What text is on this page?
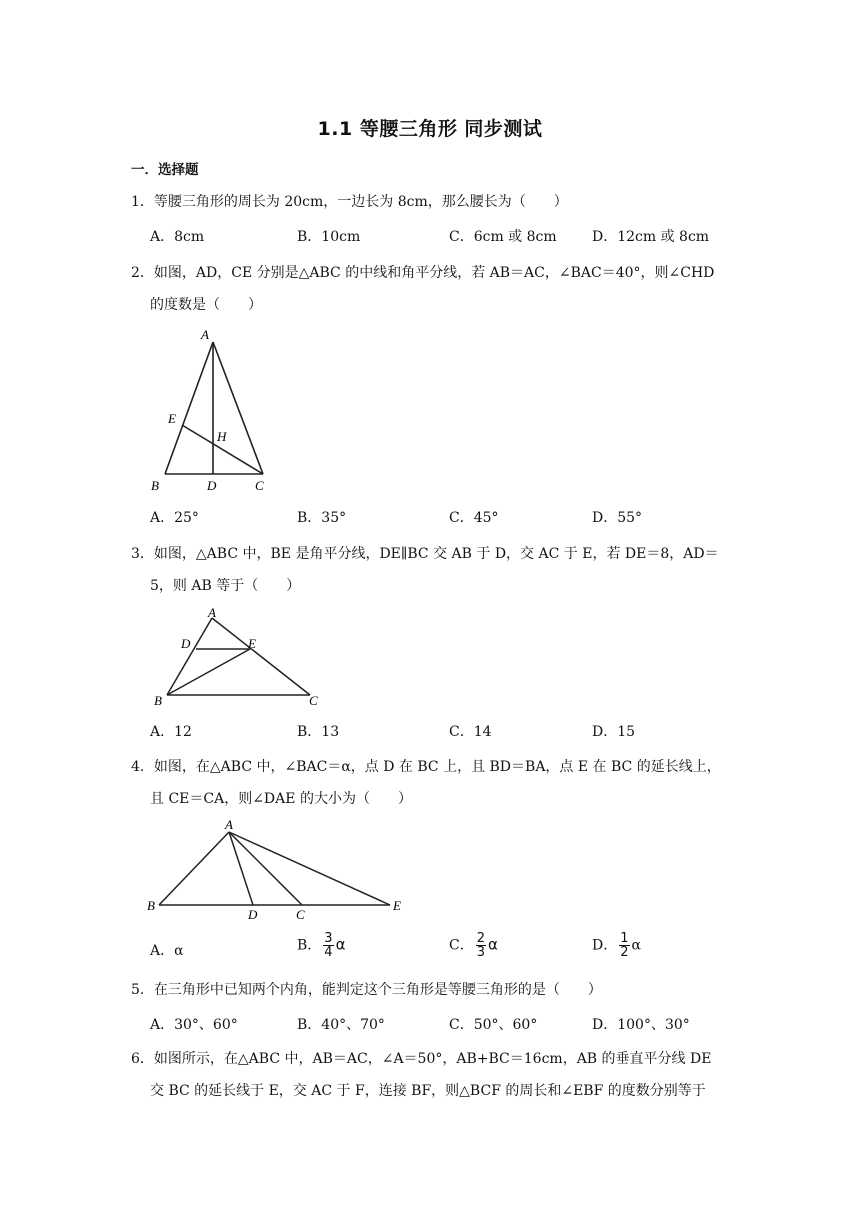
1.1 等腰三角形 同步测试
一．选择题
1．等腰三角形的周长为 20cm，一边长为 8cm，那么腰长为（　　）
A．8cm	B．10cm	C．6cm 或 8cm	D．12cm 或 8cm
2．如图，AD，CE 分别是△ABC 的中线和角平分线，若 AB＝AC，∠BAC＝40°，则∠CHD
的度数是（　　）
A
E
H
B	D	C
A．25°	B．35°	C．45°	D．55°
3．如图，△ABC 中，BE 是角平分线，DE∥BC 交 AB 于 D，交 AC 于 E，若 DE＝8，AD＝
5，则 AB 等于（　　）
A
D	E
B	C
A．12	B．13	C．14	D．15
4．如图，在△ABC 中，∠BAC＝α，点 D 在 BC 上，且 BD＝BA，点 E 在 BC 的延长线上，
且 CE＝CA，则∠DAE 的大小为（　　）
A
B
D	C
E
A．α	B． $\frac{3}{4}$ α	C． $\frac{2}{3}$ α	D． $\frac{1}{2}$ α
5．在三角形中已知两个内角，能判定这个三角形是等腰三角形的是（　　）
A．30°、60°	B．40°、70°	C．50°、60°	D．100°、30°
6．如图所示，在△ABC 中，AB＝AC，∠A＝50°，AB+BC＝16cm，AB 的垂直平分线 DE
交 BC 的延长线于 E，交 AC 于 F，连接 BF，则△BCF 的周长和∠EBF 的度数分别等于
